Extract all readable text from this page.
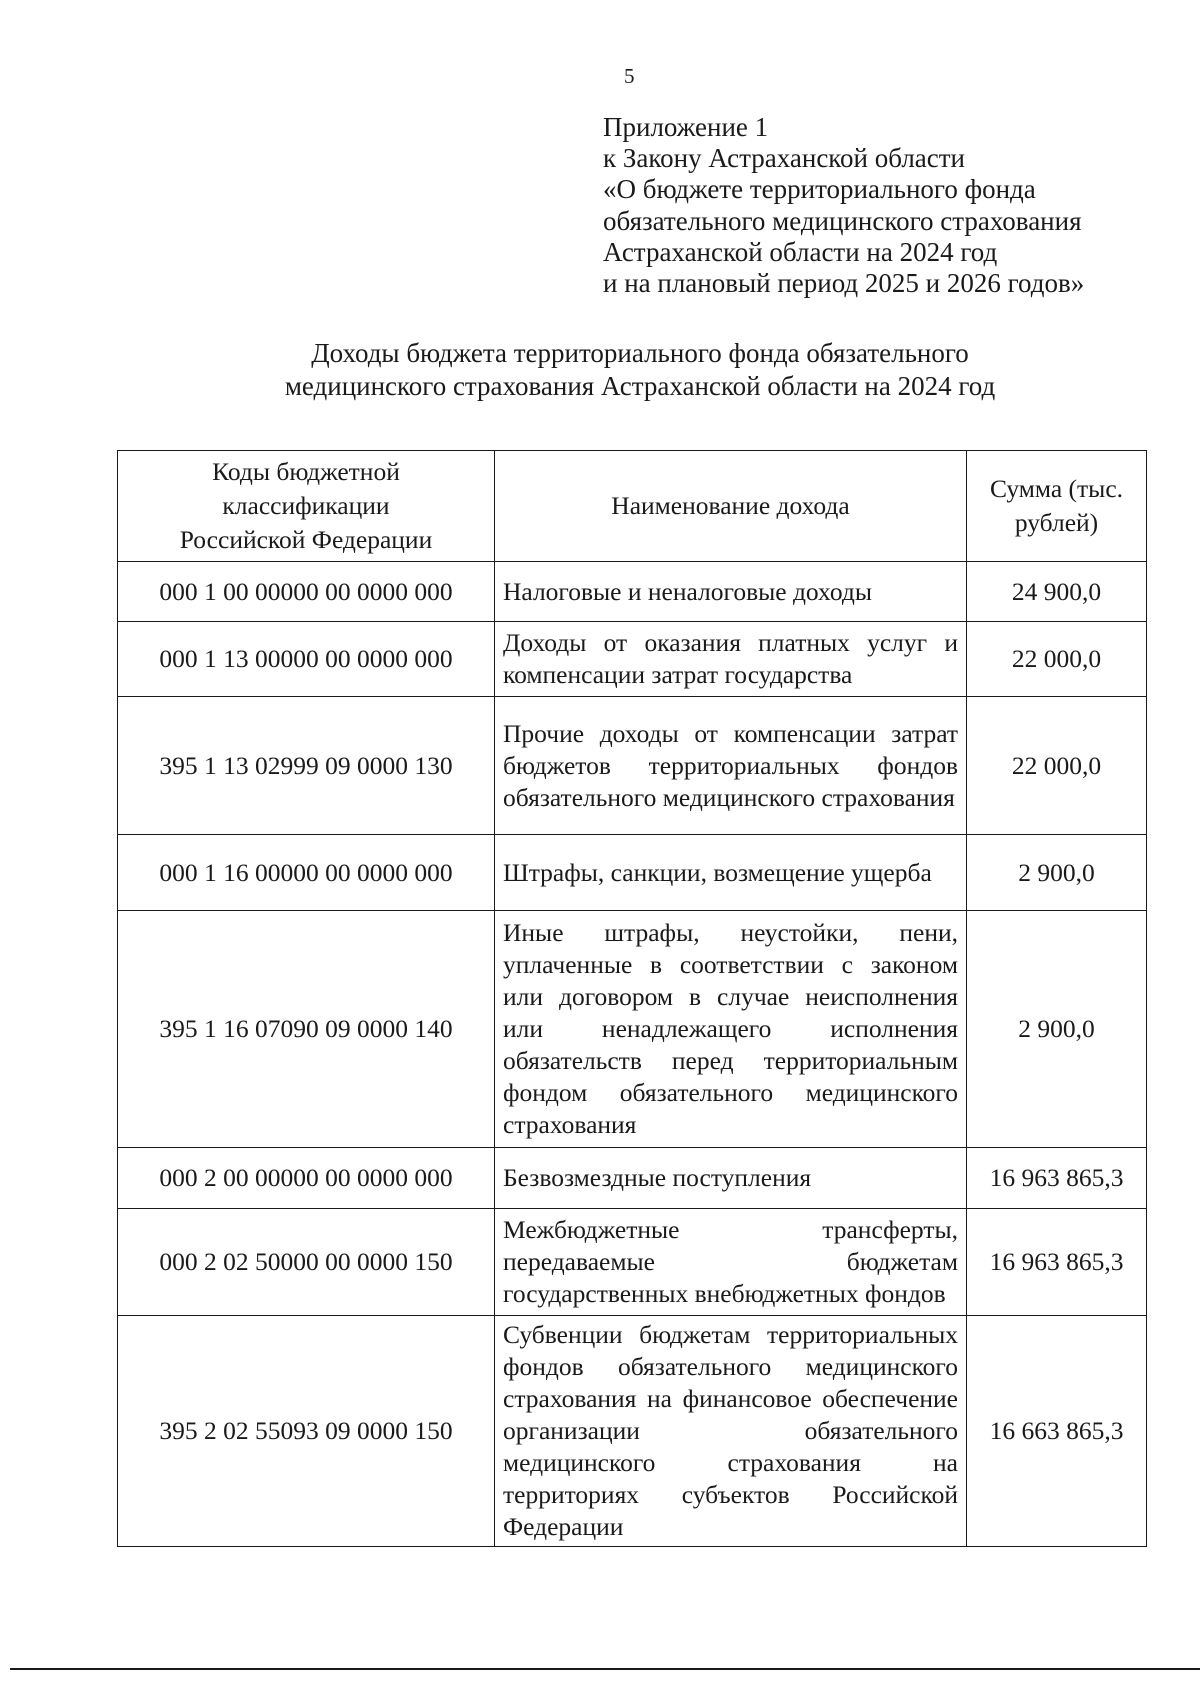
5
Приложение 1
к Закону Астраханской области
«О бюджете территориального фонда
обязательного медицинского страхования
Астраханской области на 2024 год
и на плановый период 2025 и 2026 годов»
Доходы бюджета территориального фонда обязательного
медицинского страхования Астраханской области на 2024 год
Коды бюджетной классификации Российской Федерации	Наименование дохода	Сумма (тыс. рублей)
000 1 00 00000 00 0000 000	Налоговые и неналоговые доходы	24 900,0
000 1 13 00000 00 0000 000	Доходы от оказания платных услуг и компенсации затрат государства	22 000,0
395 1 13 02999 09 0000 130	Прочие доходы от компенсации затрат бюджетов территориальных фондов обязательного медицинского страхования	22 000,0
000 1 16 00000 00 0000 000	Штрафы, санкции, возмещение ущерба	2 900,0
395 1 16 07090 09 0000 140	Иные штрафы, неустойки, пени, уплаченные в соответствии с законом или договором в случае неисполнения или ненадлежащего исполнения обязательств перед территориальным фондом обязательного медицинского страхования	2 900,0
000 2 00 00000 00 0000 000	Безвозмездные поступления	16 963 865,3
000 2 02 50000 00 0000 150	Межбюджетные трансферты, передаваемые бюджетам государственных внебюджетных фондов	16 963 865,3
395 2 02 55093 09 0000 150	Субвенции бюджетам территориальных фондов обязательного медицинского страхования на финансовое обеспечение организации обязательного медицинского страхования на территориях субъектов Российской Федерации	16 663 865,3
